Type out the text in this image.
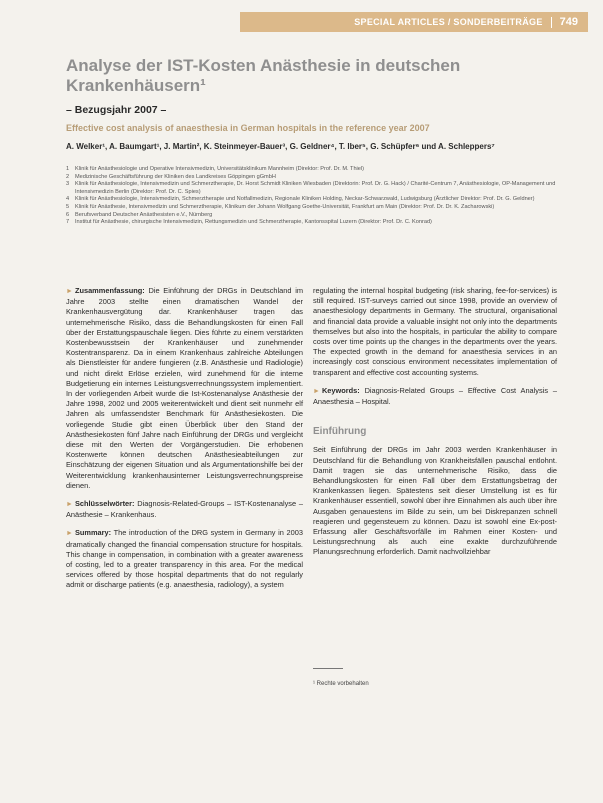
SPECIAL ARTICLES / SONDERBEITRÄGE 749
Analyse der IST-Kosten Anästhesie in deutschen Krankenhäusern¹
– Bezugsjahr 2007 –
Effective cost analysis of anaesthesia in German hospitals in the reference year 2007
A. Welker¹, A. Baumgart¹, J. Martin², K. Steinmeyer-Bauer³, G. Geldner⁴, T. Iber⁵, G. Schüpfer⁶ und A. Schleppers⁷
1	Klinik für Anästhesiologie und Operative Intensivmedizin, Universitätsklinikum Mannheim (Direktor: Prof. Dr. M. Thiel)
2	Medizinische Geschäftsführung der Kliniken des Landkreises Göppingen gGmbH
3	Klinik für Anästhesiologie, Intensivmedizin und Schmerztherapie, Dr. Horst Schmidt Kliniken Wiesbaden (Direktorin: Prof. Dr. G. Hack) / Charité-Centrum 7, Anästhesiologie, OP-Management und Intensivmedizin Berlin (Direktor: Prof. Dr. C. Spies)
4	Klinik für Anästhesiologie, Intensivmedizin, Schmerztherapie und Notfallmedizin, Regionale Kliniken Holding, Neckar-Schwarzwald, Ludwigsburg (Ärztlicher Direktor: Prof. Dr. G. Geldner)
5	Klinik für Anästhesie, Intensivmedizin und Schmerztherapie, Klinikum der Johann Wolfgang Goethe-Universität, Frankfurt am Main (Direktor: Prof. Dr. Dr. K. Zacharowski)
6	Berufsverband Deutscher Anästhesisten e.V., Nürnberg
7	Institut für Anästhesie, chirurgische Intensivmedizin, Rettungsmedizin und Schmerztherapie, Kantonsspital Luzern (Direktor: Prof. Dr. C. Konrad)

► Zusammenfassung: Die Einführung der DRGs in Deutschland im Jahre 2003 stellte einen dramatischen Wandel der Krankenhausvergütung dar. Krankenhäuser tragen das unternehmerische Risiko, dass die Behandlungskosten für einen Fall über der Erstattungspauschale liegen. Dies führte zu einem verstärkten Kostenbewusstsein der Krankenhäuser und zunehmender Kostentransparenz. Da in einem Krankenhaus zahlreiche Abteilungen als Dienstleister für andere fungieren (z.B. Anästhesie und Radiologie) und nicht direkt Erlöse erzielen, wird zunehmend für die interne Budgetierung ein internes Leistungsverrechnungssystem implementiert. In der vorliegenden Arbeit wurde die Ist-Kostenanalyse Anästhesie der Jahre 1998, 2002 und 2005 weiterentwickelt und dient seit nunmehr elf Jahren als umfassendster Benchmark für Anästhesiekosten. Die vorliegende Studie gibt einen Überblick über den Stand der Anästhesiekosten fünf Jahre nach Einführung der DRGs und vergleicht diese mit den Werten der Vorgängerstudien. Die erhobenen Kostenwerte können deutschen Anästhesieabteilungen zur Einschätzung der eigenen Situation und als Argumentationshilfe bei der Weiterentwicklung krankenhausinterner Leistungsverrechnungspreise dienen.

► Schlüsselwörter: Diagnosis-Related-Groups – IST-Kostenanalyse – Anästhesie – Krankenhaus.

► Summary: The introduction of the DRG system in Germany in 2003 dramatically changed the financial compensation structure for hospitals. This change in compensation, in combination with a greater awareness of costing, led to a greater transparency in this area. For the medical services offered by those hospital departments that do not regularly admit or discharge patients (e.g. anaesthesia, radiology), a system

regulating the internal hospital budgeting (risk sharing, fee-for-services) is still required. IST-surveys carried out since 1998, provide an overview of anaesthesiology departments in Germany. The structural, organisational and financial data provide a valuable insight not only into the departments themselves but also into the hospitals, in particular the ability to compare costs over time points up the changes in the departments over the years. The expected growth in the demand for anaesthesia services in an increasingly cost conscious environment necessitates implementation of transparent and effective cost accounting systems.

► Keywords: Diagnosis-Related Groups – Effective Cost Analysis – Anaesthesia – Hospital.

Einführung

Seit Einführung der DRGs im Jahr 2003 werden Krankenhäuser in Deutschland für die Behandlung von Krankheitsfällen pauschal entlohnt. Damit tragen sie das unternehmerische Risiko, dass die Behandlungskosten für einen Fall über dem Erstattungsbetrag der Krankenkassen liegen. Spätestens seit dieser Umstellung ist es für Krankenhäuser essentiell, sowohl über ihre Einnahmen als auch über ihre Ausgaben genauestens im Bilde zu sein, um bei Diskrepanzen schnell reagieren und gegensteuern zu können. Dazu ist sowohl eine Ex-post-Erfassung aller Geschäftsvorfälle im Rahmen einer Kosten- und Leistungsrechnung als auch eine exakte durchzuführende Planungsrechnung erforderlich. Damit nachvollziehbar

¹ Rechte vorbehalten
